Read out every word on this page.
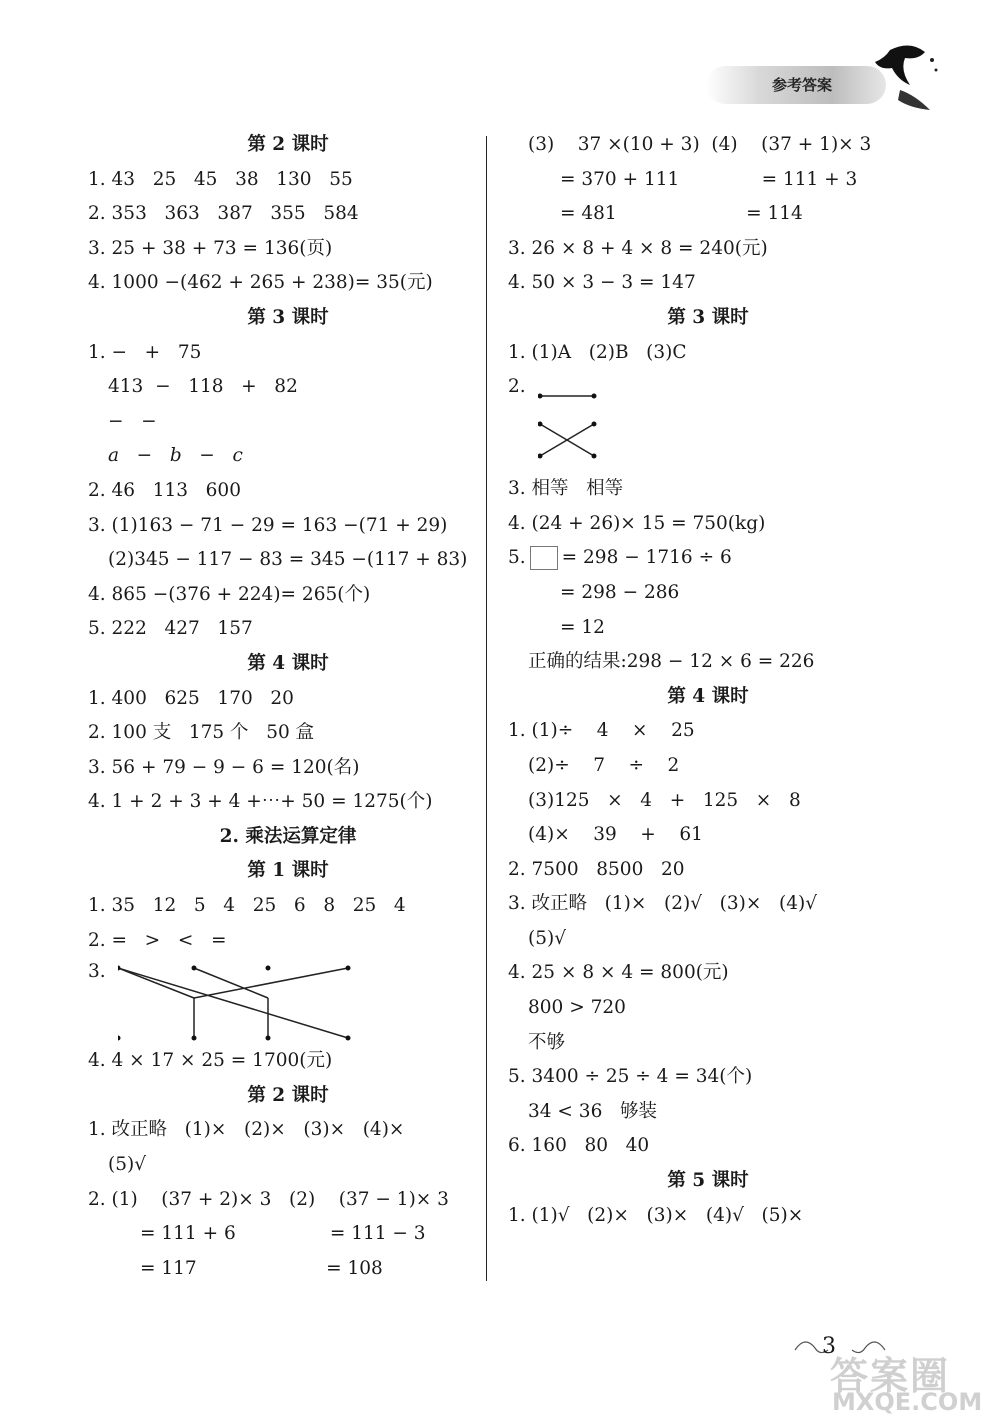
参考答案
第 2 课时
1. 43   25   45   38   130   55
2. 353   363   387   355   584
3. 25 + 38 + 73 = 136(页)
4. 1000 −(462 + 265 + 238)= 35(元)
第 3 课时
1. −   +   75
413  −   118   +   82
−   −
a   −   b   −   c
2. 46   113   600
3. (1)163 − 71 − 29 = 163 −(71 + 29)
(2)345 − 117 − 83 = 345 −(117 + 83)
4. 865 −(376 + 224)= 265(个)
5. 222   427   157
第 4 课时
1. 400   625   170   20
2. 100 支   175 个   50 盒
3. 56 + 79 − 9 − 6 = 120(名)
4. 1 + 2 + 3 + 4 +⋯+ 50 = 1275(个)
2. 乘法运算定律
第 1 课时
1. 35   12   5   4   25   6   8   25   4
2. =   >   <   =
3.
4. 4 × 17 × 25 = 1700(元)
第 2 课时
1. 改正略   (1)×   (2)×   (3)×   (4)×
(5)√
2. (1)    (37 + 2)× 3   (2)    (37 − 1)× 3
= 111 + 6                = 111 − 3
= 117                      = 108
(3)    37 ×(10 + 3)  (4)    (37 + 1)× 3
= 370 + 111              = 111 + 3
= 481                      = 114
3. 26 × 8 + 4 × 8 = 240(元)
4. 50 × 3 − 3 = 147
第 3 课时
1. (1)A   (2)B   (3)C
2.
3. 相等   相等
4. (24 + 26)× 15 = 750(kg)
5. = 298 − 1716 ÷ 6
= 298 − 286
= 12
正确的结果:298 − 12 × 6 = 226
第 4 课时
1. (1)÷    4    ×    25
(2)÷    7    ÷    2
(3)125   ×   4   +   125   ×   8
(4)×    39    +    61
2. 7500   8500   20
3. 改正略   (1)×   (2)√   (3)×   (4)√
(5)√
4. 25 × 8 × 4 = 800(元)
800 > 720
不够
5. 3400 ÷ 25 ÷ 4 = 34(个)
34 < 36   够装
6. 160   80   40
第 5 课时
1. (1)√   (2)×   (3)×   (4)√   (5)×
3
答案圈
MXQE.COM
